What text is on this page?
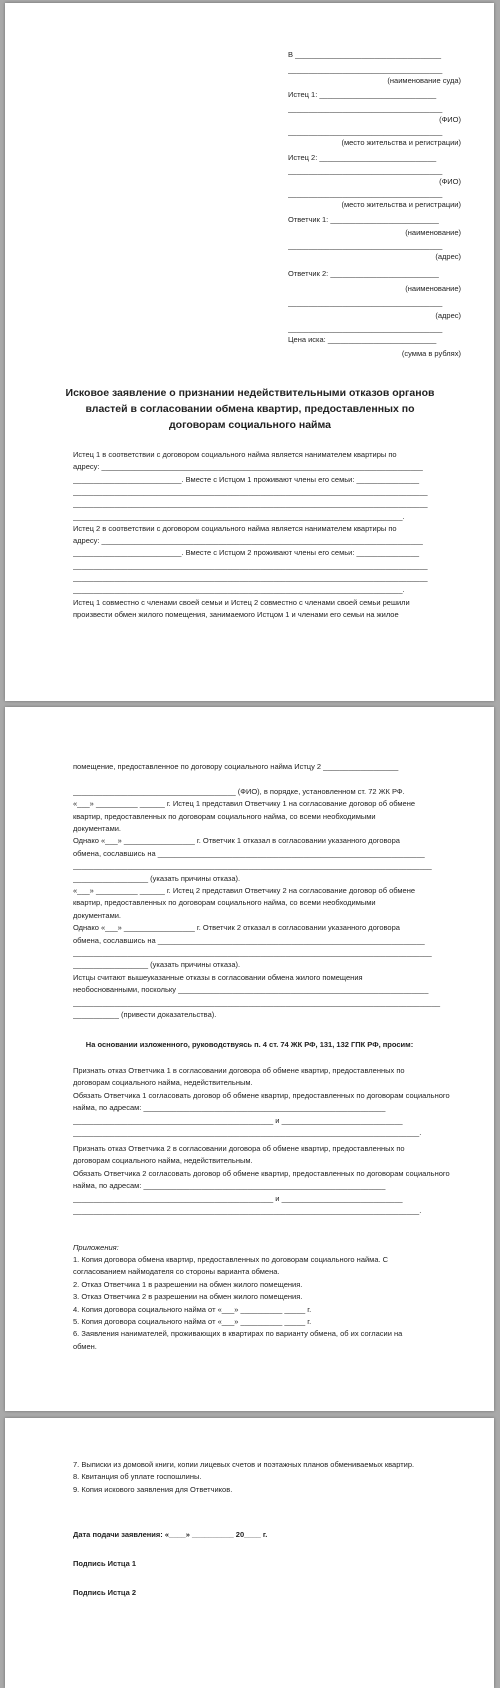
В ___________________________________
_____________________________________
(наименование суда)
Истец 1: ____________________________
_____________________________________
(ФИО)
_____________________________________
(место жительства и регистрации)
Истец 2: ____________________________
_____________________________________
(ФИО)
_____________________________________
(место жительства и регистрации)
Ответчик 1: __________________________
(наименование)
_____________________________________
(адрес)
Ответчик 2: __________________________
(наименование)
_____________________________________
(адрес)
_____________________________________
Цена иска: __________________________
(сумма в рублях)
Исковое заявление о признании недействительными отказов органов властей в согласовании обмена квартир, предоставленных по договорам социального найма
Истец 1 в соответствии с договором социального найма является нанимателем квартиры по
адресу: _____________________________________________________________________________
__________________________. Вместе с Истцом 1 проживают члены его семьи: _______________
_____________________________________________________________________________________
_____________________________________________________________________________________
_______________________________________________________________________________.
Истец 2 в соответствии с договором социального найма является нанимателем квартиры по
адресу: _____________________________________________________________________________
__________________________. Вместе с Истцом 2 проживают члены его семьи: _______________
_____________________________________________________________________________________
_____________________________________________________________________________________
_______________________________________________________________________________.
Истец 1 совместно с членами своей семьи и Истец 2 совместно с членами своей семьи решили
произвести обмен жилого помещения, занимаемого Истцом 1 и членами его семьи на жилое
помещение, предоставленное по договору социального найма Истцу 2 __________________
_______________________________________ (ФИО), в порядке, установленном ст. 72 ЖК РФ.
«___» __________ ______ г. Истец 1 представил Ответчику 1 на согласование договор об обмене
квартир, предоставленных по договорам социального найма, со всеми необходимыми
документами.
Однако «___» _________________ г. Ответчик 1 отказал в согласовании указанного договора
обмена, сославшись на ________________________________________________________________
______________________________________________________________________________________
__________________ (указать причины отказа).
«___» __________ ______ г. Истец 2 представил Ответчику 2 на согласование договор об обмене
квартир, предоставленных по договорам социального найма, со всеми необходимыми
документами.
Однако «___» _________________ г. Ответчик 2 отказал в согласовании указанного договора
обмена, сославшись на ________________________________________________________________
______________________________________________________________________________________
__________________ (указать причины отказа).
Истцы считают вышеуказанные отказы в согласовании обмена жилого помещения
необоснованными, поскольку ____________________________________________________________
________________________________________________________________________________________
___________ (привести доказательства).
На основании изложенного, руководствуясь п. 4 ст. 74 ЖК РФ, 131, 132 ГПК РФ, просим:
Признать отказ Ответчика 1 в согласовании договора об обмене квартир, предоставленных по
договорам социального найма, недействительным.
Обязать Ответчика 1 согласовать договор об обмене квартир, предоставленных по договорам социального
найма, по адресам: __________________________________________________________
________________________________________________ и _____________________________
___________________________________________________________________________________.
Признать отказ Ответчика 2 в согласовании договора об обмене квартир, предоставленных по
договорам социального найма, недействительным.
Обязать Ответчика 2 согласовать договор об обмене квартир, предоставленных по договорам социального
найма, по адресам: __________________________________________________________
________________________________________________ и _____________________________
___________________________________________________________________________________.
Приложения:
1. Копия договора обмена квартир, предоставленных по договорам социального найма. С
согласованием наймодателя со стороны варианта обмена.
2. Отказ Ответчика 1 в разрешении на обмен жилого помещения.
3. Отказ Ответчика 2 в разрешении на обмен жилого помещения.
4. Копия договора социального найма от «___» __________ _____ г.
5. Копия договора социального найма от «___» __________ _____ г.
6. Заявления нанимателей, проживающих в квартирах по варианту обмена, об их согласии на
обмен.
7. Выписки из домовой книги, копии лицевых счетов и поэтажных планов обмениваемых квартир.
8. Квитанция об уплате госпошлины.
9. Копия искового заявления для Ответчиков.
Дата подачи заявления: «____» __________ 20____ г.
Подпись Истца 1
Подпись Истца 2
